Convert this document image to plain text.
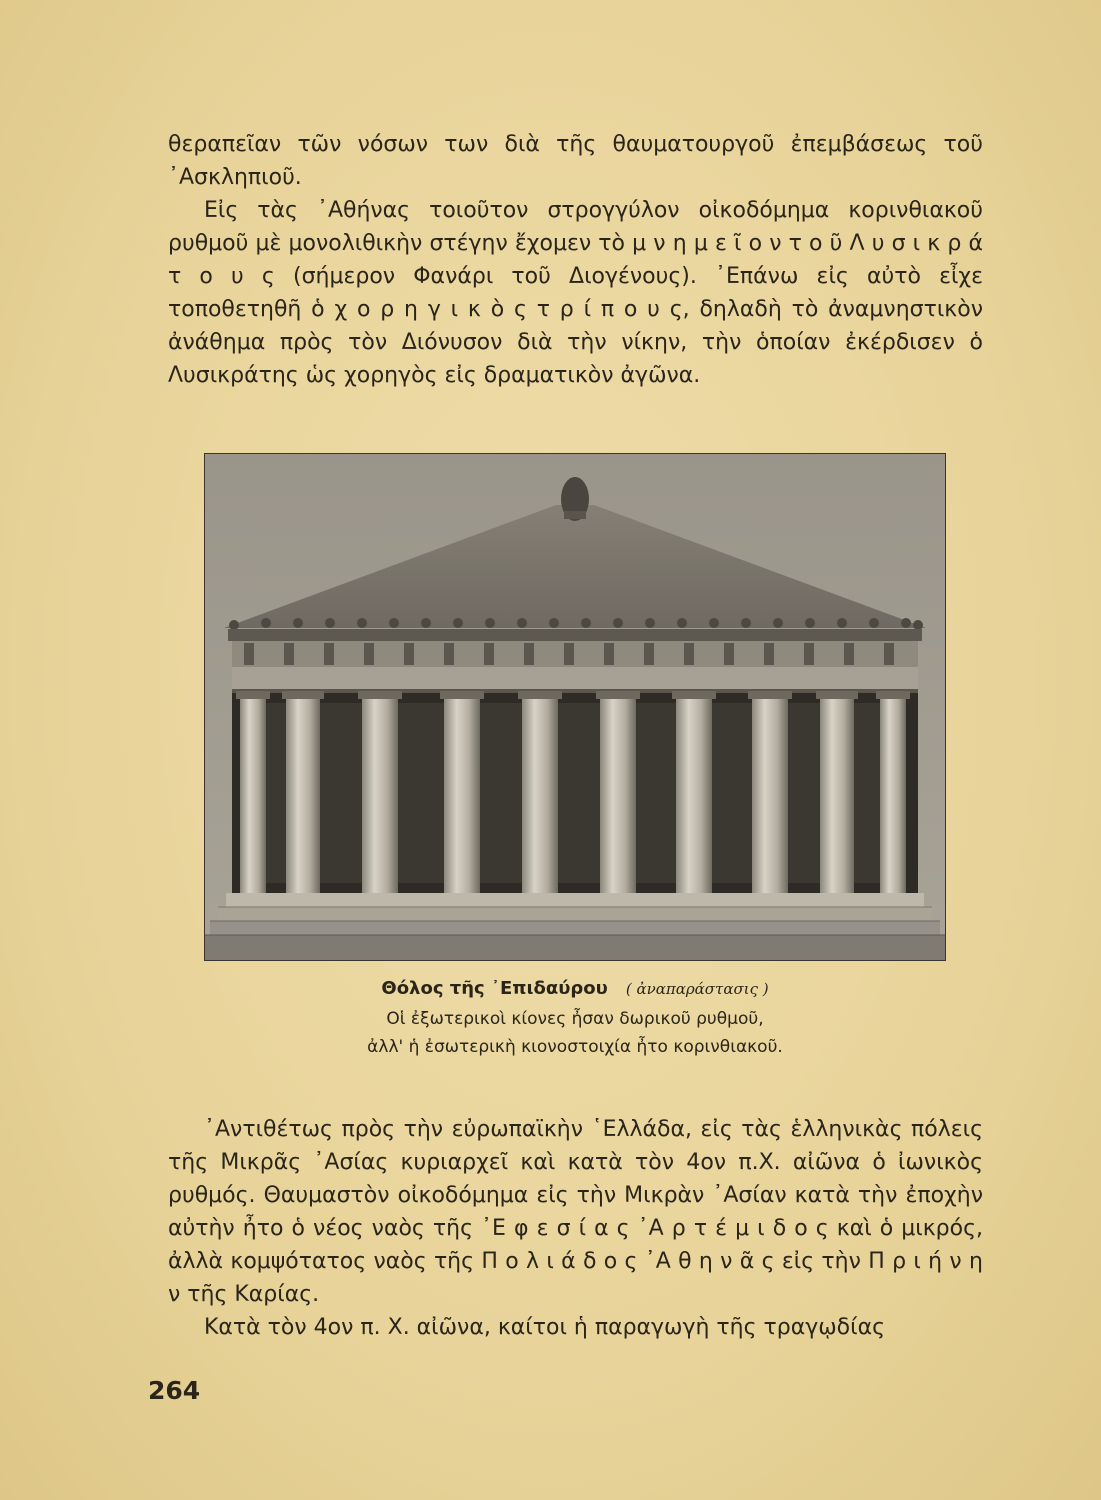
θεραπεῖαν τῶν νόσων των διὰ τῆς θαυματουργοῦ ἐπεμβάσεως τοῦ ᾿Ασκληπιοῦ.

Εἰς τὰς ᾿Αθήνας τοιοῦτον στρογγύλον οἰκοδόμημα κορινθιακοῦ ρυθμοῦ μὲ μονολιθικὴν στέγην ἔχομεν τὸ μ ν η μ ε ῖ ο ν τ ο ῦ Λ υ σ ι κ ρ ά τ ο υ ς (σήμερον Φανάρι τοῦ Διογένους). ᾿Επάνω εἰς αὐτὸ εἶχε τοποθετηθῆ ὁ χ ο ρ η γ ι κ ὸ ς τ ρ ί π ο υ ς, δηλαδὴ τὸ ἀναμνηστικὸν ἀνάθημα πρὸς τὸν Διόνυσον διὰ τὴν νίκην, τὴν ὁποίαν ἐκέρδισεν ὁ Λυσικράτης ὡς χορηγὸς εἰς δραματικὸν ἀγῶνα.

Θόλος τῆς ᾿Επιδαύρου ( ἀναπαράστασις )
Οἱ ἐξωτερικοὶ κίονες ἦσαν δωρικοῦ ρυθμοῦ,
ἀλλ' ἡ ἐσωτερικὴ κιονοστοιχία ἦτο κορινθιακοῦ.

᾿Αντιθέτως πρὸς τὴν εὐρωπαϊκὴν ῾Ελλάδα, εἰς τὰς ἑλληνικὰς πόλεις τῆς Μικρᾶς ᾿Ασίας κυριαρχεῖ καὶ κατὰ τὸν 4ον π.Χ. αἰῶνα ὁ ἰωνικὸς ρυθμός. Θαυμαστὸν οἰκοδόμημα εἰς τὴν Μικρὰν ᾿Ασίαν κατὰ τὴν ἐποχὴν αὐτὴν ἦτο ὁ νέος ναὸς τῆς ᾿Ε φ ε σ ί α ς ᾿Α ρ τ έ μ ι δ ο ς καὶ ὁ μικρός, ἀλλὰ κομψότατος ναὸς τῆς Π ο λ ι ά δ ο ς ᾿Α θ η ν ᾶ ς εἰς τὴν Π ρ ι ή ν η ν τῆς Καρίας.

Κατὰ τὸν 4ον π. Χ. αἰῶνα, καίτοι ἡ παραγωγὴ τῆς τραγῳδίας

264
